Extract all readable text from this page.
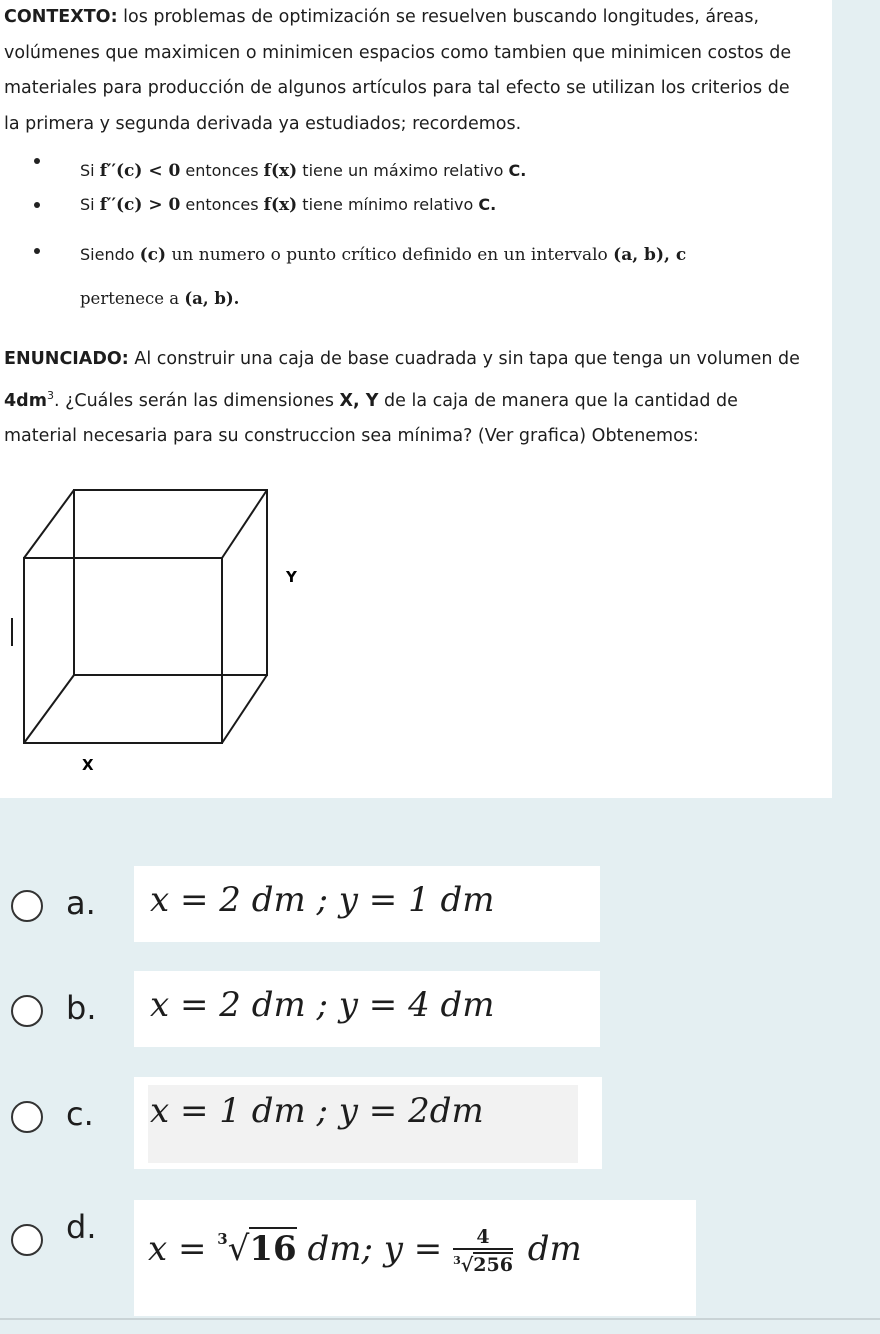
CONTEXTO: los problemas de optimización se resuelven buscando longitudes, áreas, volúmenes que maximicen o minimicen espacios como tambien que minimicen costos de materiales para producción de algunos artículos para tal efecto se utilizan los criterios de la primera y segunda derivada ya estudiados; recordemos.
Si f′′(c) < 0 entonces f(x) tiene un máximo relativo C.
Si f′′(c) > 0 entonces f(x) tiene mínimo relativo C.
Siendo (c) un numero o punto crítico definido en un intervalo (a, b), c
pertenece a (a, b).
ENUNCIADO: Al construir una caja de base cuadrada y sin tapa que tenga un volumen de $4dm^3$. ¿Cuáles serán las dimensiones X, Y de la caja de manera que la cantidad de material necesaria para su construccion sea mínima? (Ver grafica) Obtenemos:
Y
X
a. x = 2 dm ; y = 1 dm
b. x = 2 dm ; y = 4 dm
c. x = 1 dm ; y = 2dm
d.
x = $^3$√16 dm; $y = \frac{4}{^3√256}$ dm
